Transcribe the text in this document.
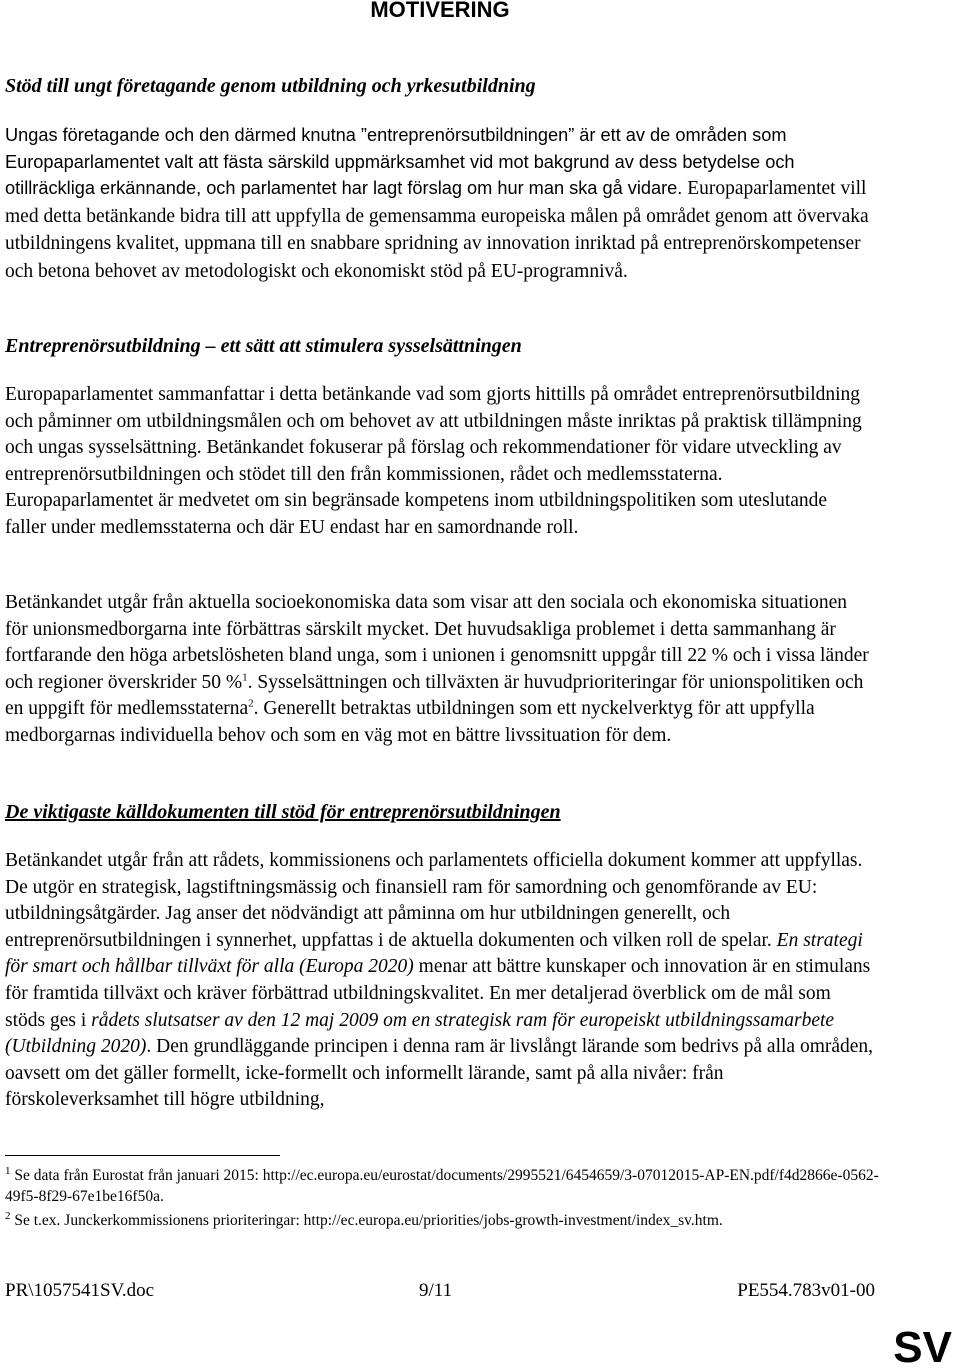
MOTIVERING
Stöd till ungt företagande genom utbildning och yrkesutbildning

Ungas företagande och den därmed knutna ”entreprenörsutbildningen” är ett av de områden som Europaparlamentet valt att fästa särskild uppmärksamhet vid mot bakgrund av dess betydelse och otillräckliga erkännande, och parlamentet har lagt förslag om hur man ska gå vidare. Europaparlamentet vill med detta betänkande bidra till att uppfylla de gemensamma europeiska målen på området genom att övervaka utbildningens kvalitet, uppmana till en snabbare spridning av innovation inriktad på entreprenörskompetenser och betona behovet av metodologiskt och ekonomiskt stöd på EU-programnivå.

Entreprenörsutbildning – ett sätt att stimulera sysselsättningen

Europaparlamentet sammanfattar i detta betänkande vad som gjorts hittills på området entreprenörsutbildning och påminner om utbildningsmålen och om behovet av att utbildningen måste inriktas på praktisk tillämpning och ungas sysselsättning. Betänkandet fokuserar på förslag och rekommendationer för vidare utveckling av entreprenörsutbildningen och stödet till den från kommissionen, rådet och medlemsstaterna. Europaparlamentet är medvetet om sin begränsade kompetens inom utbildningspolitiken som uteslutande faller under medlemsstaterna och där EU endast har en samordnande roll.

Betänkandet utgår från aktuella socioekonomiska data som visar att den sociala och ekonomiska situationen för unionsmedborgarna inte förbättras särskilt mycket. Det huvudsakliga problemet i detta sammanhang är fortfarande den höga arbetslösheten bland unga, som i unionen i genomsnitt uppgår till 22 % och i vissa länder och regioner överskrider 50 %$^1$. Sysselsättningen och tillväxten är huvudprioriteringar för unionspolitiken och en uppgift för medlemsstaterna$^2$. Generellt betraktas utbildningen som ett nyckelverktyg för att uppfylla medborgarnas individuella behov och som en väg mot en bättre livssituation för dem.

De viktigaste källdokumenten till stöd för entreprenörsutbildningen

Betänkandet utgår från att rådets, kommissionens och parlamentets officiella dokument kommer att uppfyllas. De utgör en strategisk, lagstiftningsmässig och finansiell ram för samordning och genomförande av EU: utbildningsåtgärder. Jag anser det nödvändigt att påminna om hur utbildningen generellt, och entreprenörsutbildningen i synnerhet, uppfattas i de aktuella dokumenten och vilken roll de spelar. En strategi för smart och hållbar tillväxt för alla (Europa 2020) menar att bättre kunskaper och innovation är en stimulans för framtida tillväxt och kräver förbättrad utbildningskvalitet. En mer detaljerad överblick om de mål som stöds ges i rådets slutsatser av den 12 maj 2009 om en strategisk ram för europeiskt utbildningssamarbete (Utbildning 2020). Den grundläggande principen i denna ram är livslångt lärande som bedrivs på alla områden, oavsett om det gäller formellt, icke-formellt och informellt lärande, samt på alla nivåer: från förskoleverksamhet till högre utbildning,

$^1$ Se data från Eurostat från januari 2015: http://ec.europa.eu/eurostat/documents/2995521/6454659/3-07012015-AP-EN.pdf/f4d2866e-0562-49f5-8f29-67e1be16f50a.

$^2$ Se t.ex. Junckerkommissionens prioriteringar: http://ec.europa.eu/priorities/jobs-growth-investment/index_sv.htm.

PR\1057541SV.doc	9/11	PE554.783v01-00
SV
